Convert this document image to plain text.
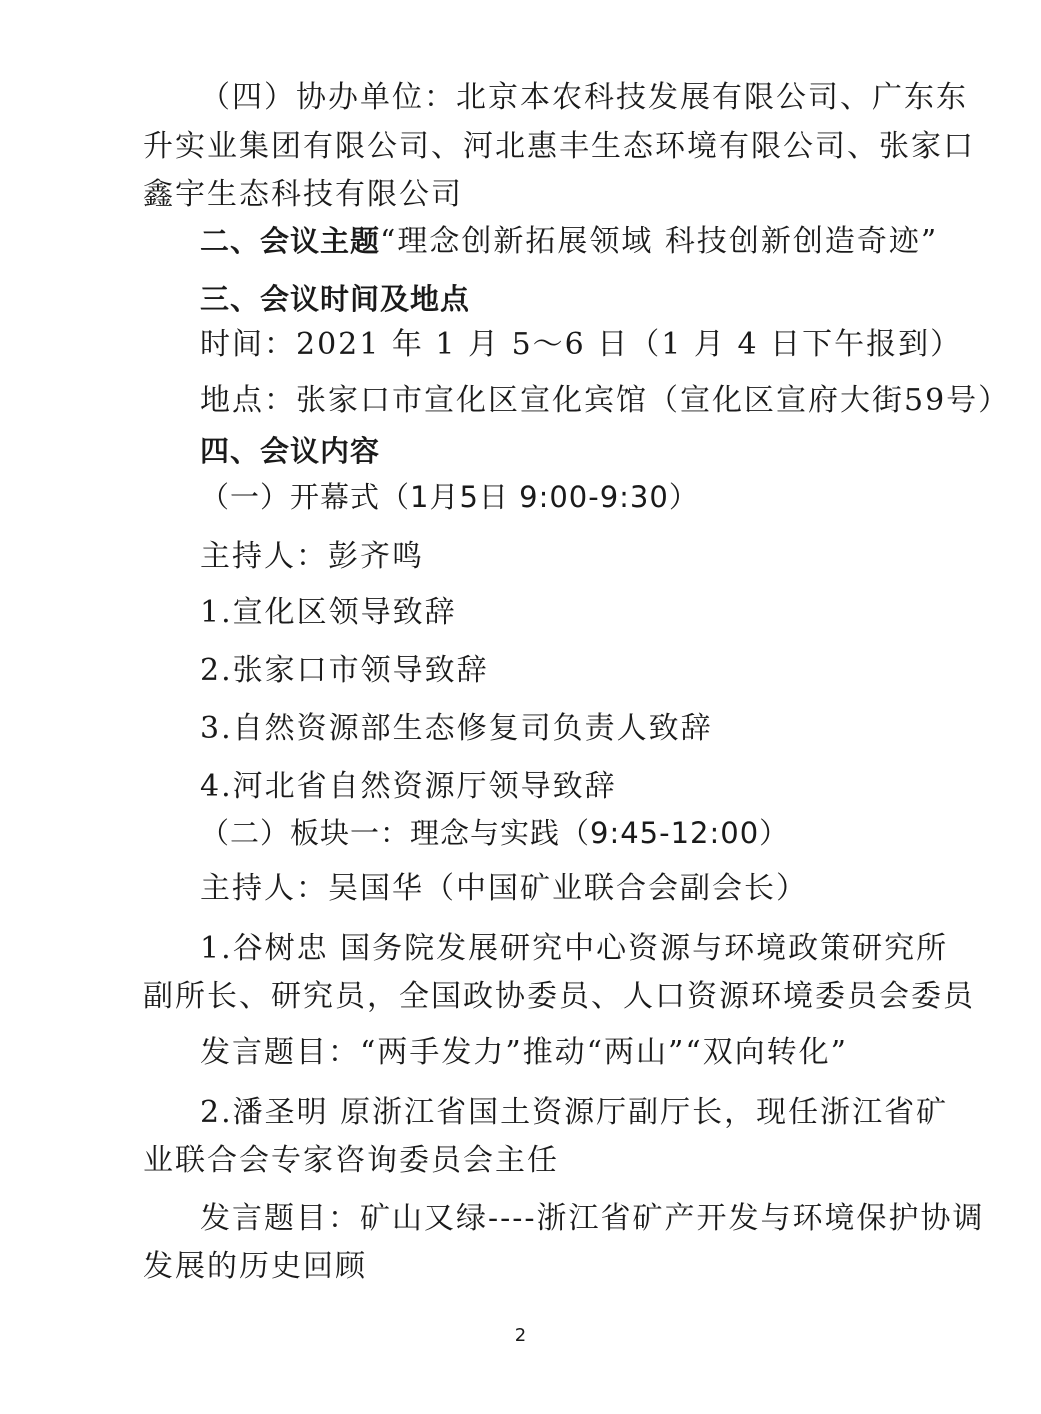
（四）协办单位：北京本农科技发展有限公司、广东东
升实业集团有限公司、河北惠丰生态环境有限公司、张家口
鑫宇生态科技有限公司
二、会议主题“理念创新拓展领域 科技创新创造奇迹”
三、会议时间及地点
时间：2021 年 1 月 5～6 日（1 月 4 日下午报到）
地点：张家口市宣化区宣化宾馆（宣化区宣府大街59号）
四、会议内容
（一）开幕式（1月5日 9:00-9:30）
主持人：彭齐鸣
1.宣化区领导致辞
2.张家口市领导致辞
3.自然资源部生态修复司负责人致辞
4.河北省自然资源厅领导致辞
（二）板块一：理念与实践（9:45-12:00）
主持人：吴国华（中国矿业联合会副会长）
1.谷树忠 国务院发展研究中心资源与环境政策研究所
副所长、研究员，全国政协委员、人口资源环境委员会委员
发言题目：“两手发力”推动“两山”“双向转化”
2.潘圣明 原浙江省国土资源厅副厅长，现任浙江省矿
业联合会专家咨询委员会主任
发言题目：矿山又绿----浙江省矿产开发与环境保护协调
发展的历史回顾
2
